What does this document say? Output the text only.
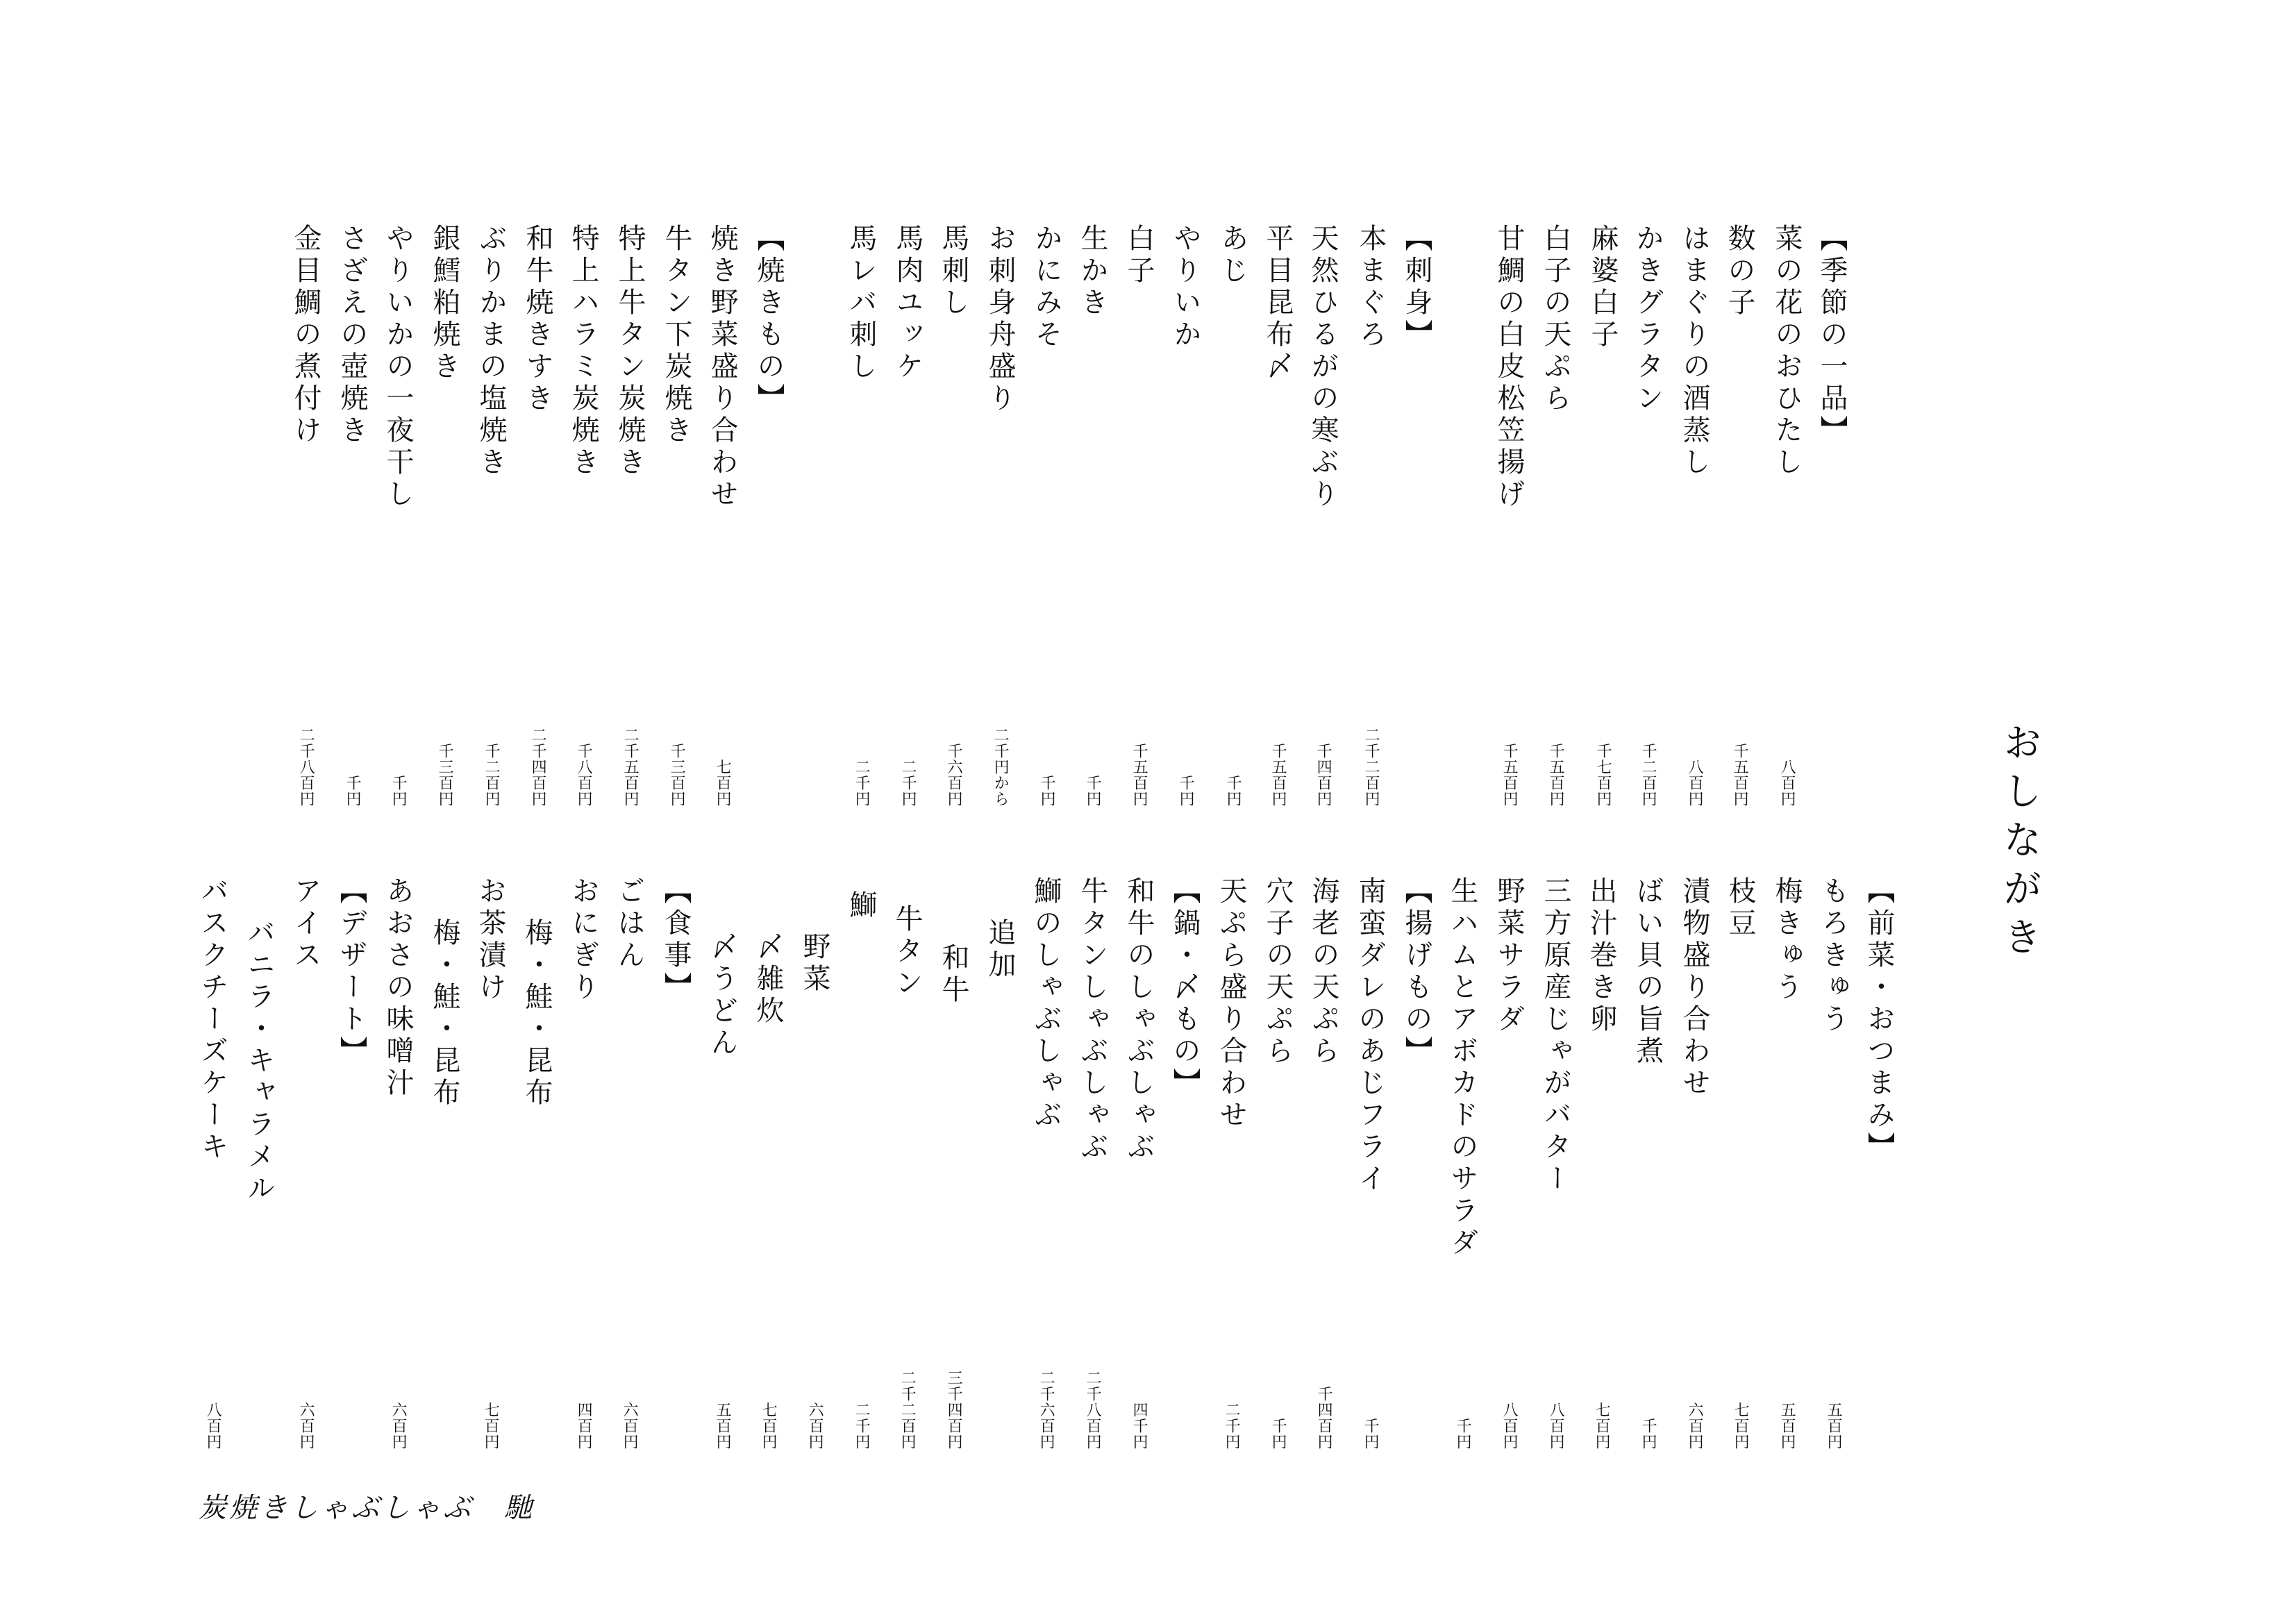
おしながき
【季節の一品】
菜の花のおひたし
八百円
数の子
千五百円
はまぐりの酒蒸し
八百円
かきグラタン
千二百円
麻婆白子
千七百円
白子の天ぷら
千五百円
甘鯛の白皮松笠揚げ
千五百円
【刺身】
本まぐろ
二千二百円
天然ひるがの寒ぶり
千四百円
平目昆布〆
千五百円
あじ
千円
やりいか
千円
白子
千五百円
生かき
千円
かにみそ
千円
お刺身舟盛り
二千円から
馬刺し
千六百円
馬肉ユッケ
二千円
馬レバ刺し
二千円
【焼きもの】
焼き野菜盛り合わせ
七百円
牛タン下炭焼き
千三百円
特上牛タン炭焼き
二千五百円
特上ハラミ炭焼き
千八百円
和牛焼きすき
二千四百円
ぶりかまの塩焼き
千二百円
銀鱈粕焼き
千三百円
やりいかの一夜干し
千円
さざえの壺焼き
千円
金目鯛の煮付け
二千八百円
【前菜・おつまみ】
もろきゅう
五百円
梅きゅう
五百円
枝豆
七百円
漬物盛り合わせ
六百円
ばい貝の旨煮
千円
出汁巻き卵
七百円
三方原産じゃがバター
八百円
野菜サラダ
八百円
生ハムとアボカドのサラダ
千円
【揚げもの】
南蛮ダレのあじフライ
千円
海老の天ぷら
千四百円
穴子の天ぷら
千円
天ぷら盛り合わせ
二千円
【鍋・〆もの】
和牛のしゃぶしゃぶ
四千円
牛タンしゃぶしゃぶ
二千八百円
鰤のしゃぶしゃぶ
二千六百円
追加
和牛
三千四百円
牛タン
二千二百円
鰤
二千円
野菜
六百円
〆雑炊
七百円
〆うどん
五百円
【食事】
ごはん
六百円
おにぎり
四百円
梅・鮭・昆布
お茶漬け
七百円
梅・鮭・昆布
あおさの味噌汁
六百円
【デザート】
アイス
六百円
バニラ・キャラメル
バスクチーズケーキ
八百円
炭焼きしゃぶしゃぶ　馳
